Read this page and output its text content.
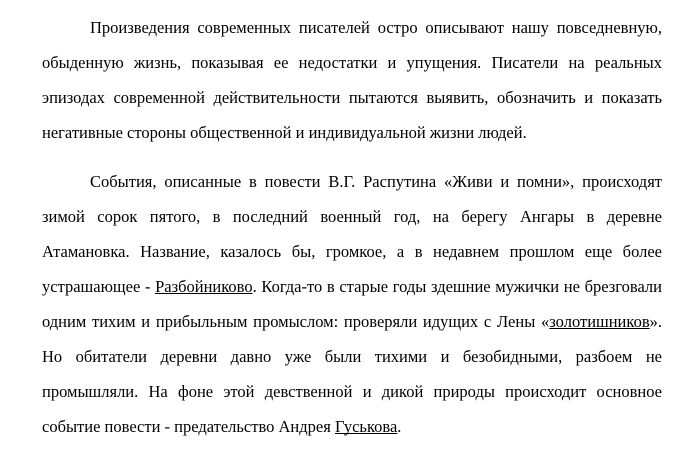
Произведения современных писателей остро описывают нашу повседневную, обыденную жизнь, показывая ее недостатки и упущения. Писатели на реальных эпизодах современной действительности пытаются выявить, обозначить и показать негативные стороны общественной и индивидуальной жизни людей.

События, описанные в повести В.Г. Распутина «Живи и помни», происходят зимой сорок пятого, в последний военный год, на берегу Ангары в деревне Атамановка. Название, казалось бы, громкое, а в недавнем прошлом еще более устрашающее - Разбойниково. Когда-то в старые годы здешние мужички не брезговали одним тихим и прибыльным промыслом: проверяли идущих с Лены «золотишников». Но обитатели деревни давно уже были тихими и безобидными, разбоем не промышляли. На фоне этой девственной и дикой природы происходит основное событие повести - предательство Андрея Гуськова.
